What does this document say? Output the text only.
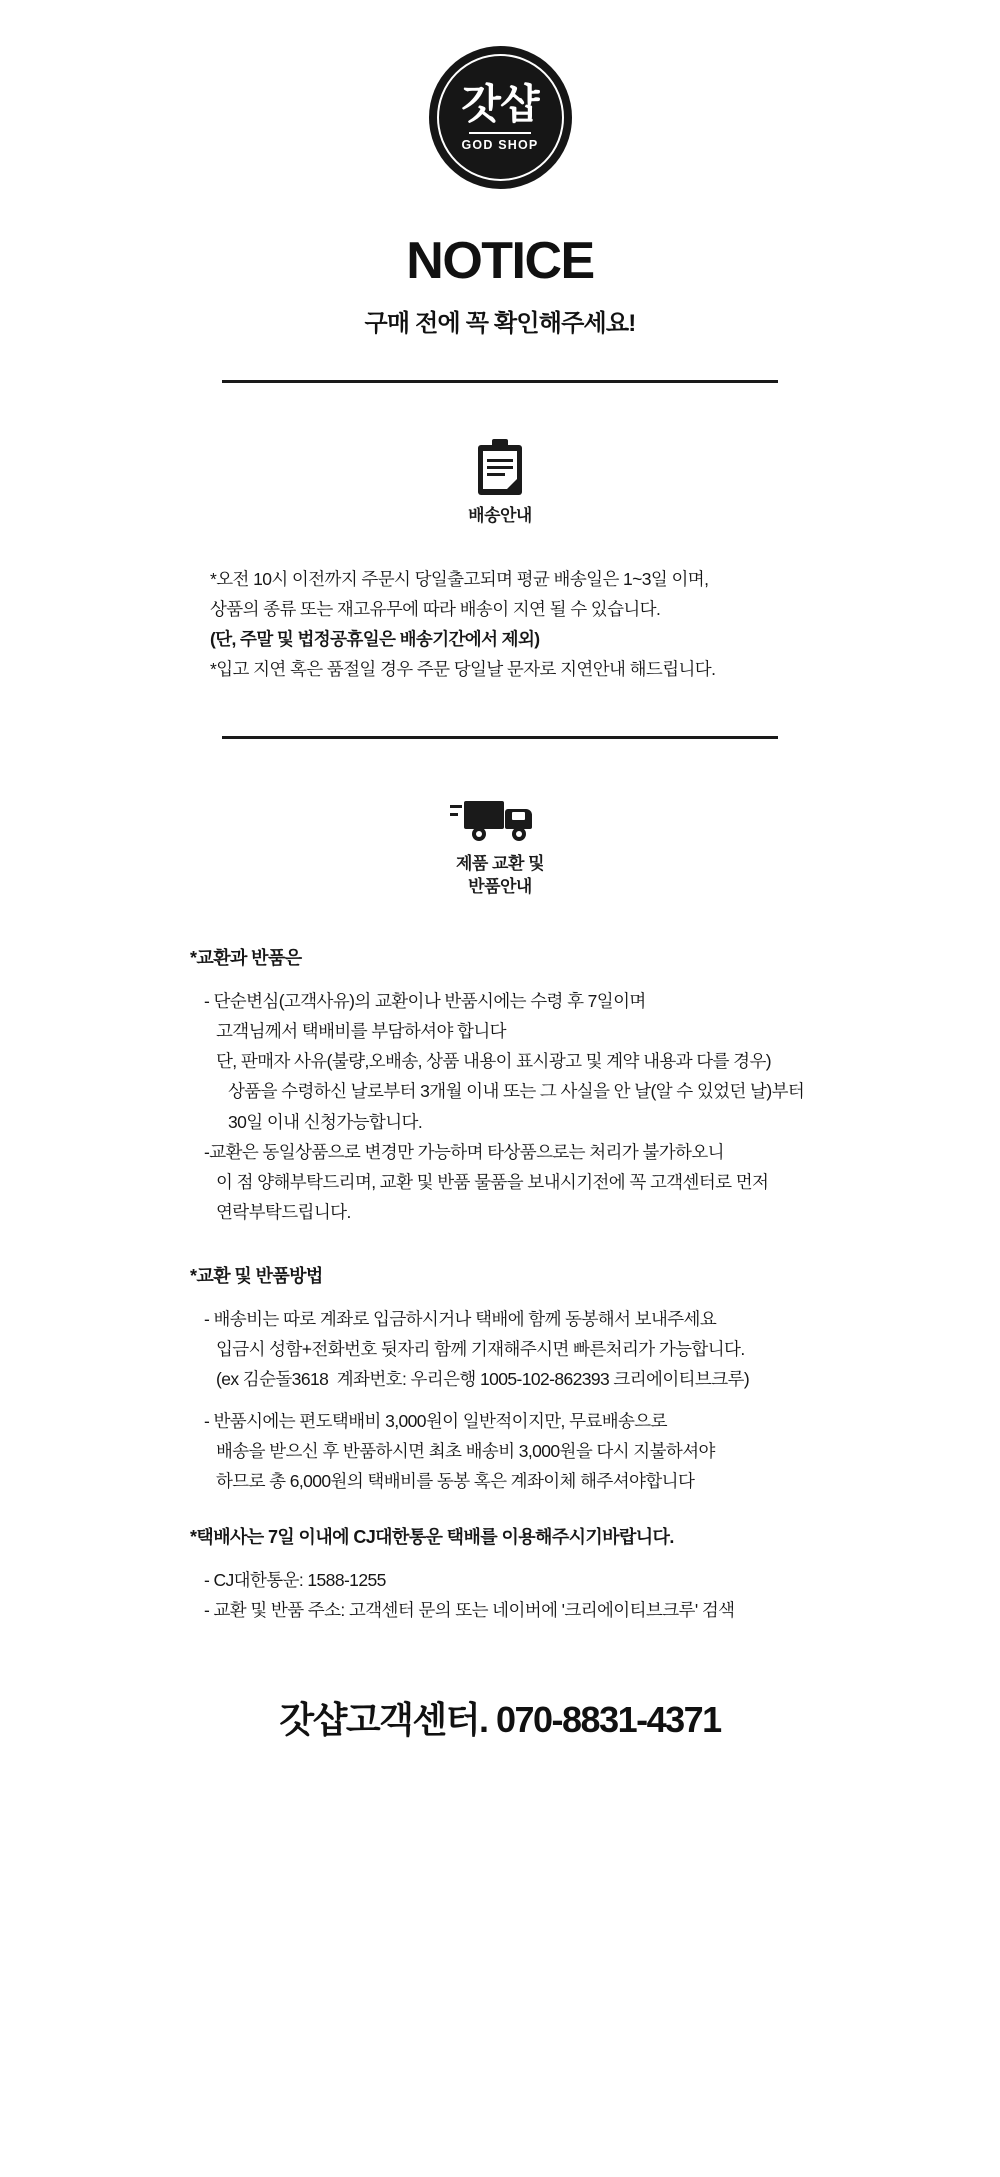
갓샵
GOD SHOP
NOTICE
구매 전에 꼭 확인해주세요!
배송안내
*오전 10시 이전까지 주문시 당일출고되며 평균 배송일은 1~3일 이며,
상품의 종류 또는 재고유무에 따라 배송이 지연 될 수 있습니다.
(단, 주말 및 법정공휴일은 배송기간에서 제외)
*입고 지연 혹은 품절일 경우 주문 당일날 문자로 지연안내 해드립니다.
제품 교환 및
반품안내
*교환과 반품은
- 단순변심(고객사유)의 교환이나 반품시에는 수령 후 7일이며
고객님께서 택배비를 부담하셔야 합니다
단, 판매자 사유(불량,오배송, 상품 내용이 표시광고 및 계약 내용과 다를 경우)
상품을 수령하신 날로부터 3개월 이내 또는 그 사실을 안 날(알 수 있었던 날)부터
30일 이내 신청가능합니다.
-교환은 동일상품으로 변경만 가능하며 타상품으로는 처리가 불가하오니
이 점 양해부탁드리며, 교환 및 반품 물품을 보내시기전에 꼭 고객센터로 먼저
연락부탁드립니다.
*교환 및 반품방법
- 배송비는 따로 계좌로 입금하시거나 택배에 함께 동봉해서 보내주세요
입금시 성함+전화번호 뒷자리 함께 기재해주시면 빠른처리가 가능합니다.
(ex 김순돌3618  계좌번호: 우리은행 1005-102-862393 크리에이티브크루)
- 반품시에는 편도택배비 3,000원이 일반적이지만, 무료배송으로
배송을 받으신 후 반품하시면 최초 배송비 3,000원을 다시 지불하셔야
하므로 총 6,000원의 택배비를 동봉 혹은 계좌이체 해주셔야합니다
*택배사는 7일 이내에 CJ대한통운 택배를 이용해주시기바랍니다.
- CJ대한통운: 1588-1255
- 교환 및 반품 주소: 고객센터 문의 또는 네이버에 '크리에이티브크루' 검색
갓샵고객센터. 070-8831-4371
